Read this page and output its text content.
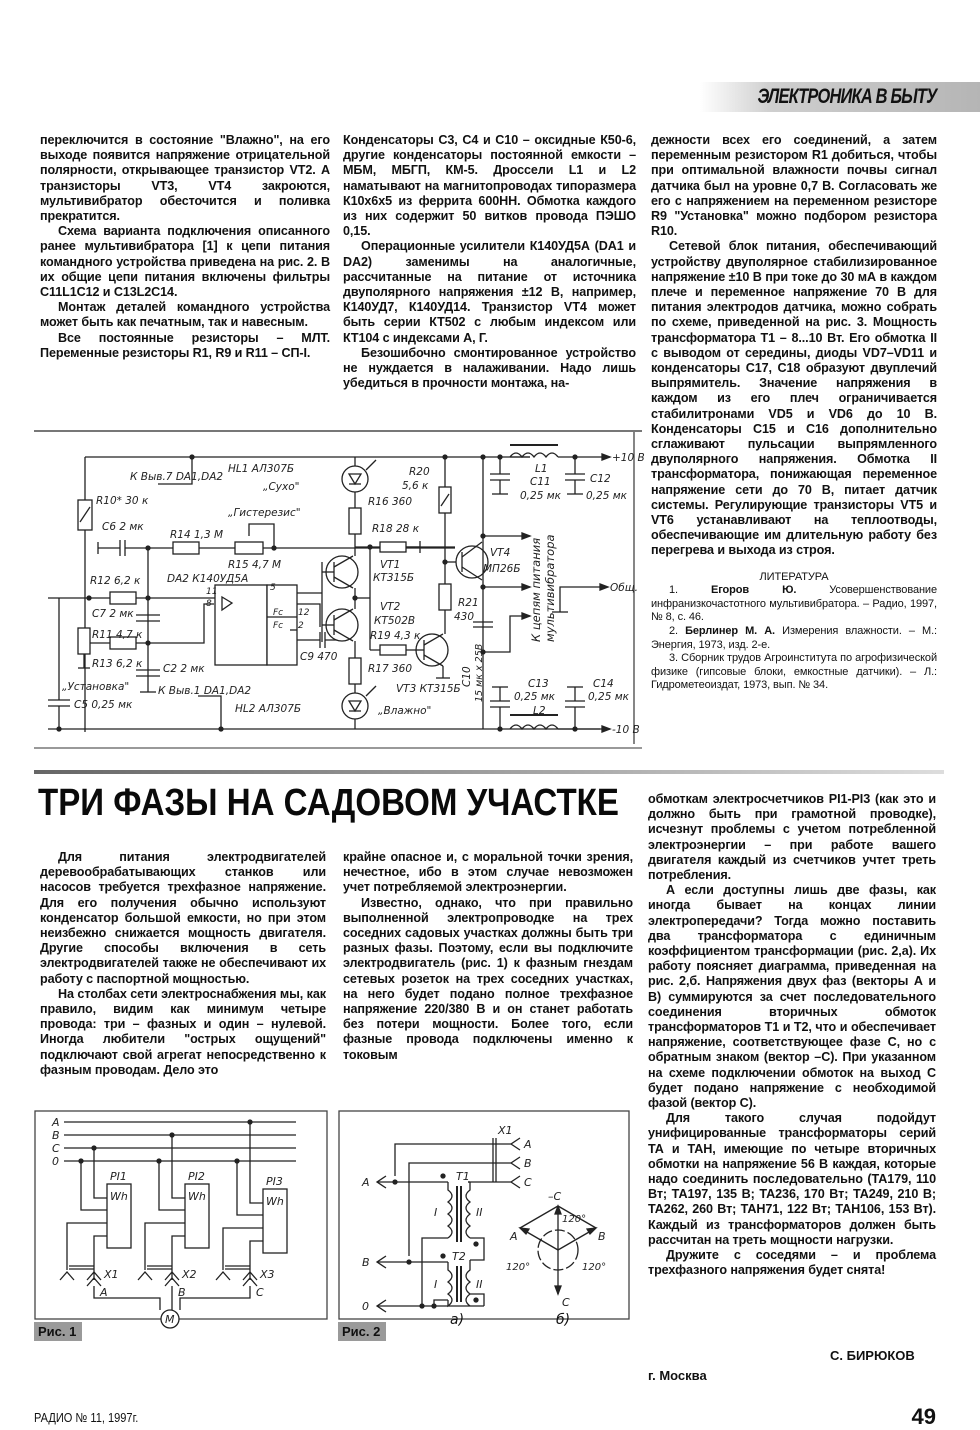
ЭЛЕКТРОНИКА В БЫТУ

переключится в состояние "Влажно", на его выходе появится напряжение отрицательной полярности, открывающее транзистор VT2. А транзисторы VT3, VT4 закроются, мультивибратор обесточится и поливка прекратится.

Схема варианта подключения описанного ранее мультивибратора [1] к цепи питания командного устройства приведена на рис. 2. В их общие цепи питания включены фильтры C11L1C12 и C13L2C14.

Монтаж деталей командного устройства может быть как печатным, так и навесным.

Все постоянные резисторы – МЛТ. Переменные резисторы R1, R9 и R11 – СП-I.

Конденсаторы C3, C4 и C10 – оксидные К50-6, другие конденсаторы постоянной емкости – МБМ, МБГП, КМ-5. Дроссели L1 и L2 наматывают на магнитопроводах типоразмера К10х6х5 из феррита 600НН. Обмотка каждого из них содержит 50 витков провода ПЭШО 0,15.

Операционные усилители К140УД5А (DA1 и DA2) заменимы на аналогичные, рассчитанные на питание от источника двуполярного напряжения ±12 В, например, К140УД7, К140УД14. Транзистор VT4 может быть серии КТ502 с любым индексом или КТ104 с индексами А, Г.

Безошибочно смонтированное устройство не нуждается в налаживании. Надо лишь убедиться в прочности монтажа, на-

дежности всех его соединений, а затем переменным резистором R1 добиться, чтобы при оптимальной влажности почвы сигнал датчика был на уровне 0,7 В. Согласовать же его с напряжением на переменном резисторе R9 "Установка" можно подбором резистора R10.

Сетевой блок питания, обеспечивающий устройству двуполярное стабилизированное напряжение ±10 В при токе до 30 мА в каждом плече и переменное напряжение 70 В для питания электродов датчика, можно собрать по схеме, приведенной на рис. 3. Мощность трансформатора Т1 – 8...10 Вт. Его обмотка II с выводом от середины, диоды VD7–VD11 и конденсаторы C17, C18 образуют двуплечий выпрямитель. Значение напряжения в каждом из его плеч ограничивается стабилитронами VD5 и VD6 до 10 В. Конденсаторы C15 и C16 дополнительно сглаживают пульсации выпрямленного двуполярного напряжения. Обмотка II трансформатора, понижающая переменное напряжение сети до 70 В, питает датчик системы. Регулирующие транзисторы VT5 и VT6 устанавливают на теплоотводы, обеспечивающие им длительную работу без перегрева и выхода из строя.

ЛИТЕРАТУРА

1.	Егоров Ю.	Усовершенствование инфранизкочастотного мультивибратора. – Радио, 1997, № 8, с. 46.

2. Берлинер М. А. Измерения влажности. – М.: Энергия, 1973, изд. 2-е.

3. Сборник трудов Агроинститута по агрофизической физике (гипсовые блоки, емкостные датчики). – Л.: Гидрометеоиздат, 1973, вып. № 34.

К Выв.7 DA1,DA2
HL1 АЛ307Б
„Сухо"
R10* 30 к
C6 2 мк
„Гистерезис"
R14 1,3 М
R15 4,7 М
R12 6,2 к	DA2 К140УД5А
C7 2 мк
R11 4,7 к
R13 6,2 к
„Установка"
C2 2 мк
К Выв.1 DA1,DA2
C5 0,25 мк	HL2 АЛ307Б
C9 470
11
8
5
12
2
Fc
Fc
R20
5,6 к
R16 360
R18 28 к
VT1
КТ315Б
VT2
КТ502В
R19 4,3 к
R17 360
VT3 КТ315Б
„Влажно"
R21
430
C10 15 мк х 25В
VT4
МП26Б
L1
C11
0,25 мк
C12
0,25 мк
+10 В
-10 В
Общ.
C13
0,25 мк
C14
0,25 мк
L2
К цепям питания мультивибратора
ТРИ ФАЗЫ НА САДОВОМ УЧАСТКЕ

Для питания электродвигателей деревообрабатывающих станков или насосов требуется трехфазное напряжение. Для его получения обычно используют конденсатор большой емкости, но при этом неизбежно снижается мощность двигателя. Другие способы включения в сеть электродвигателей также не обеспечивают их работу с паспортной мощностью.

На столбах сети электроснабжения мы, как правило, видим как минимум четыре провода: три – фазных и один – нулевой. Иногда любители "острых ощущений" подключают свой агрегат непосредственно к фазным проводам. Дело это

крайне опасное и, с моральной точки зрения, нечестное, ибо в этом случае невозможен учет потребляемой электроэнергии.

Известно, однако, что при правильно выполненной электропроводке на трех соседних садовых участках должны быть три разных фазы. Поэтому, если вы подключите электродвигатель (рис. 1) к фазным гнездам сетевых розеток на трех соседних участках, на него будет подано полное трехфазное напряжение 220/380 В и он станет работать без потери мощности. Более того, если фазные провода подключены именно к токовым

обмоткам электросчетчиков PI1-PI3 (как это и должно быть при грамотной проводке), исчезнут проблемы с учетом потребленной электроэнергии – при работе вашего двигателя каждый из счетчиков учтет треть потребления.

А если доступны лишь две фазы, как иногда бывает на концах линии электропередачи? Тогда можно поставить два трансформатора с единичным коэффициентом трансформации (рис. 2,а). Их работу поясняет диаграмма, приведенная на рис. 2,б. Напряжения двух фаз (векторы А и В) суммируются за счет последовательного соединения вторичных обмоток трансформаторов Т1 и Т2, что и обеспечивает напряжение, соответствующее фазе С, но с обратным знаком (вектор –С). При указанном на схеме подключении обмоток на выход С будет подано напряжение с необходимой фазой (вектор С).

Для такого случая подойдут унифицированные трансформаторы серий ТА и ТАН, имеющие по четыре вторичных обмотки на напряжение 56 В каждая, которые надо соединить последовательно (ТА179, 110 Вт; ТА197, 135 В; ТА236, 170 Вт; ТА249, 210 В; ТА262, 260 Вт; ТАН71, 122 Вт; ТАН106, 153 Вт). Каждый из трансформаторов должен быть рассчитан на треть мощности нагрузки.

Дружите с соседями – и проблема трехфазного напряжения будет снята!

С. БИРЮКОВ
г. Москва
A
B
C
0
PI1	PI2	PI3
Wh	Wh	Wh
X1	X2	X3
A	B	C
M
Рис. 1
X1
A
B
C
A
B
0
T1
T2
I	II
I	II
–C
A	B
C
120°
120°	120°
а)	б)
Рис. 2
РАДИО № 11, 1997г.	49
